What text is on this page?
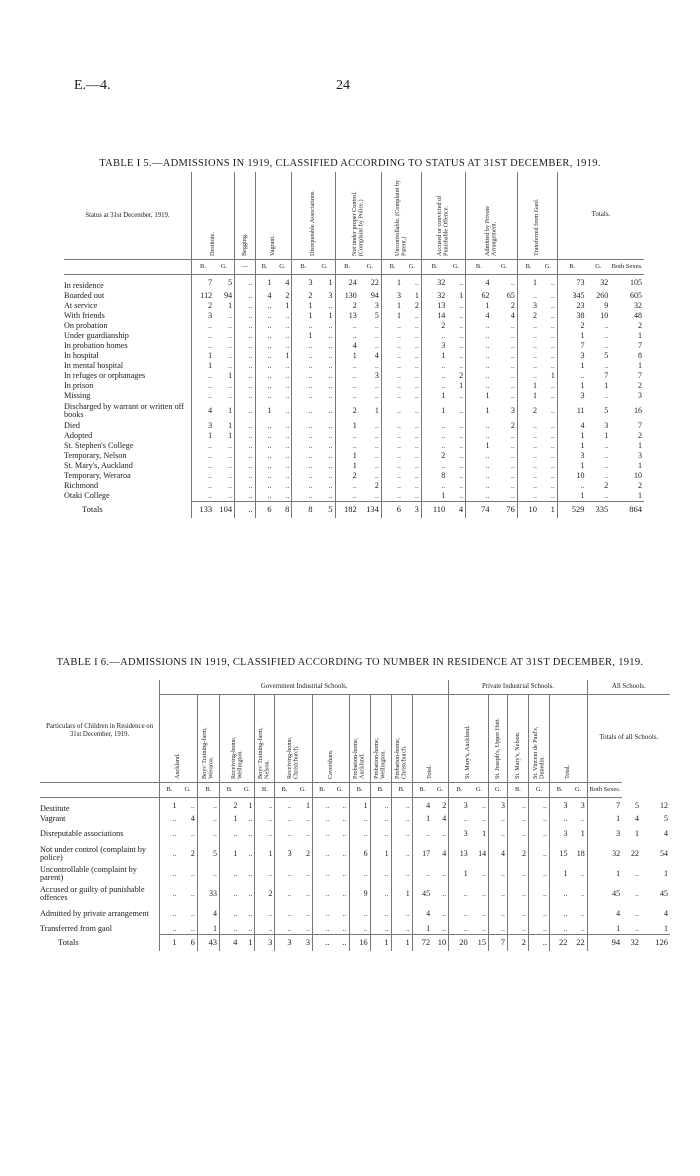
E.—4.	24
TABLE I 5.—ADMISSIONS IN 1919, CLASSIFIED ACCORDING TO STATUS AT 31ST DECEMBER, 1919.
Status at 31st December, 1919.	Destitute.		Begging.	Vagrant.		Disreputable Associations.		Not under proper Control. (Complaint by Police.)		Uncontrollable. (Complaint by Parent.)		Accused or convicted of Punishable Offence.		Admitted by Private Arrangement.		Transferred from Gaol.		Totals.		
	B.	G.	—	B.	G.	B.	G.	B.	G.	B.	G.	B.	G.	B.	G.	B.	G.	B.	G.	Both Sexes.
In residence	7	5	..	1	4	3	1	24	22	1	..	32	..	4	..	1	..	73	32	105
Boarded out	112	94	..	4	2	2	3	130	94	3	1	32	1	62	65	..	..	345	260	605
At service	2	1	..	..	1	1	..	2	3	1	2	13	..	1	2	3	..	23	9	32
With friends	3	..	..	..	..	1	1	13	5	1	..	14	..	4	4	2	..	38	10	48
On probation	..	..	..	..	..	..	..	..	..	..	..	2	..	..	..	..	..	2	..	2
Under guardianship	..	..	..	..	..	1	..	..	..	..	..	..	..	..	..	..	..	1	..	1
In probation homes	..	..	..	..	..	..	..	4	..	..	..	3	..	..	..	..	..	7	..	7
In hospital	1	..	..	..	1	..	..	1	4	..	..	1	..	..	..	..	..	3	5	8
In mental hospital	1	..	..	..	..	..	..	..	..	..	..	..	..	..	..	..	..	1	..	1
In refuges or orphanages	..	1	..	..	..	..	..	..	3	..	..	..	2	..	..	..	1	..	7	7
In prison	..	..	..	..	..	..	..	..	..	..	..	..	1	..	..	1	..	1	1	2
Missing	..	..	..	..	..	..	..	..	..	..	..	1	..	1	..	1	..	3	..	3
Discharged by warrant or written off books	4	1	..	1	..	..	..	2	1	..	..	1	..	1	3	2	..	11	5	16
Died	3	1	..	..	..	..	..	1	..	..	..	..	..	..	2	..	..	4	3	7
Adopted	1	1	..	..	..	..	..	..	..	..	..	..	..	..	..	..	..	1	1	2
St. Stephen's College	..	..	..	..	..	..	..	..	..	..	..	..	..	1	..	..	..	1	..	1
Temporary, Nelson	..	..	..	..	..	..	..	1	..	..	..	2	..	..	..	..	..	3	..	3
St. Mary's, Auckland	..	..	..	..	..	..	..	1	..	..	..	..	..	..	..	..	..	1	..	1
Temporary, Weraroa	..	..	..	..	..	..	..	2	..	..	..	8	..	..	..	..	..	10	..	10
Richmond	..	..	..	..	..	..	..	..	2	..	..	..	..	..	..	..	..	..	2	2
Otaki College	..	..	..	..	..	..	..	..	..	..	..	1	..	..	..	..	..	1	..	1
Totals	133	104	..	6	8	8	5	182	134	6	3	110	4	74	76	10	1	529	335	864
TABLE I 6.—ADMISSIONS IN 1919, CLASSIFIED ACCORDING TO NUMBER IN RESIDENCE AT 31ST DECEMBER, 1919.
Particulars of Children in Residence on 31st December, 1919.	Government Industrial Schools.															Private Industrial Schools.							All Schools.		

	Auckland.		Boys' Training-farm, Weraroa.	Receiving-home, Wellington.		Boys' Training-farm, Nelson.	Receiving-home, Christchurch.		Caversham.		Probation-home, Auckland.	Probation-home, Wellington.	Probation-home, Christchurch.	Total.		St. Mary's, Auckland.		St. Joseph's, Upper Hutt.	St. Mary's, Nelson.	St. Vincent de Paul's, Dunedin.	Total.		Totals of all Schools.		
	B.	G.	B.	B.	G.	B.	B.	G.	B.	G.	B.	B.	B.	B.	G.	B.	G.	G.	B.	G.	B.	G.	Both Sexes.		
Destitute	1	..	..	2	1	..	..	1	..	..	1	..	..	4	2	3	..	3	..	..	3	3	7	5	12
Vagrant	..	4	..	1	..	..	..	..	..	..	..	..	..	1	4	..	..	..	..	..	..	..	1	4	5
Disreputable associations	..	..	..	..	..	..	..	..	..	..	..	..	..	..	..	3	1	..	..	..	3	1	3	1	4
Not under control (complaint by police)	..	2	5	1	..	1	3	2	..	..	6	1	..	17	4	13	14	4	2	..	15	18	32	22	54
Uncontrollable (complaint by parent)	..	..	..	..	..	..	..	..	..	..	..	..	..	..	..	1	..	..	..	..	1	..	1	..	1
Accused or guilty of punishable offences	..	..	33	..	..	2	..	..	..	..	9	..	1	45	..	..	..	..	..	..	..	..	45	..	45
Admitted by private arrangement	..	..	4	..	..	..	..	..	..	..	..	..	..	4	..	..	..	..	..	..	..	..	4	..	4
Transferred from gaol	..	..	1	..	..	..	..	..	..	..	..	..	..	1	..	..	..	..	..	..	..	..	1	..	1
Totals	1	6	43	4	1	3	3	3	..	..	16	1	1	72	10	20	15	7	2	..	22	22	94	32	126
